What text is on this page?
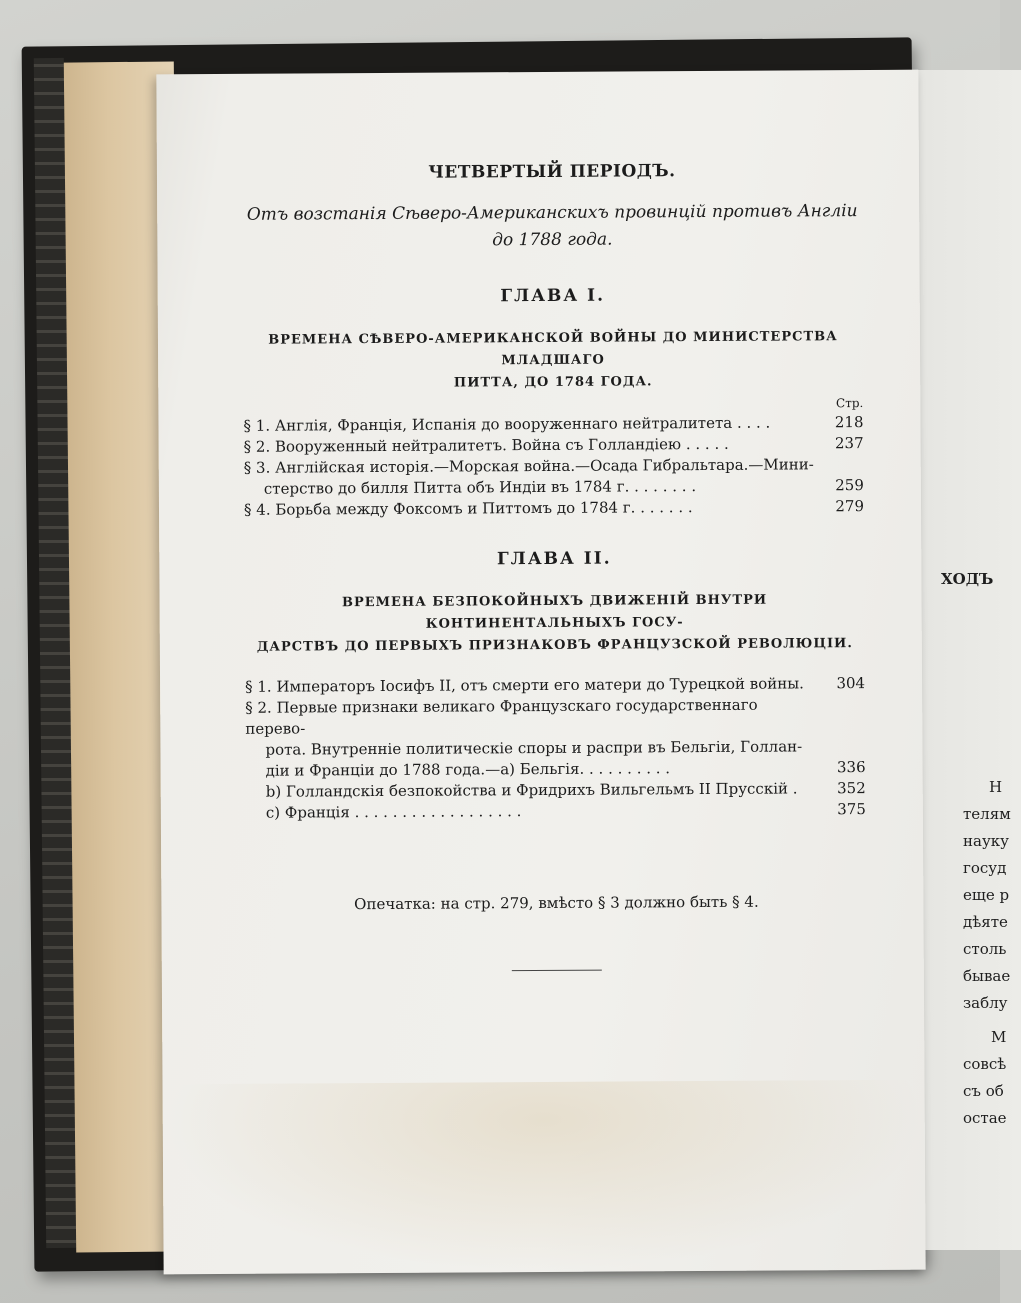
ХОДЪ
Н
телям
науку
госуд
еще р
дѣяте
столь
бывае
заблу
М
совсѣ
съ об
остае
ЧЕТВЕРТЫЙ ПЕРІОДЪ.
Отъ возстанія Сѣверо-Американскихъ провинцій противъ Англіи
до 1788 года.
ГЛАВА I.
ВРЕМЕНА СѢВЕРО-АМЕРИКАНСКОЙ ВОЙНЫ ДО МИНИСТЕРСТВА МЛАДШАГО
ПИТТА, ДО 1784 ГОДА.
Стр.
§ 1. Англія, Франція, Испанія до вооруженнаго нейтралитета . . . .	218
§ 2. Вооруженный нейтралитетъ. Война съ Голландіею . . . . .	237
§ 3. Англійская исторія.—Морская война.—Осада Гибральтара.—Мини-
стерство до билля Питта объ Индіи въ 1784 г. . . . . . . .	259
§ 4. Борьба между Фоксомъ и Питтомъ до 1784 г. . . . . . .	279
ГЛАВА II.
ВРЕМЕНА БЕЗПОКОЙНЫХЪ ДВИЖЕНІЙ ВНУТРИ КОНТИНЕНТАЛЬНЫХЪ ГОСУ-
ДАРСТВЪ ДО ПЕРВЫХЪ ПРИЗНАКОВЪ ФРАНЦУЗСКОЙ РЕВОЛЮЦІИ.
§ 1. Императоръ Іосифъ II, отъ смерти его матери до Турецкой войны.	304
§ 2. Первые признаки великаго Французскаго государственнаго перево-
рота. Внутренніе политическіе споры и распри въ Бельгіи, Голлан-
діи и Франціи до 1788 года.—a) Бельгія. . . . . . . . . .	336
b) Голландскія безпокойства и Фридрихъ Вильгельмъ II Прусскій .	352
c) Франція . . . . . . . . . . . . . . . . . .	375
Опечатка: на стр. 279, вмѣсто § 3 должно быть § 4.
